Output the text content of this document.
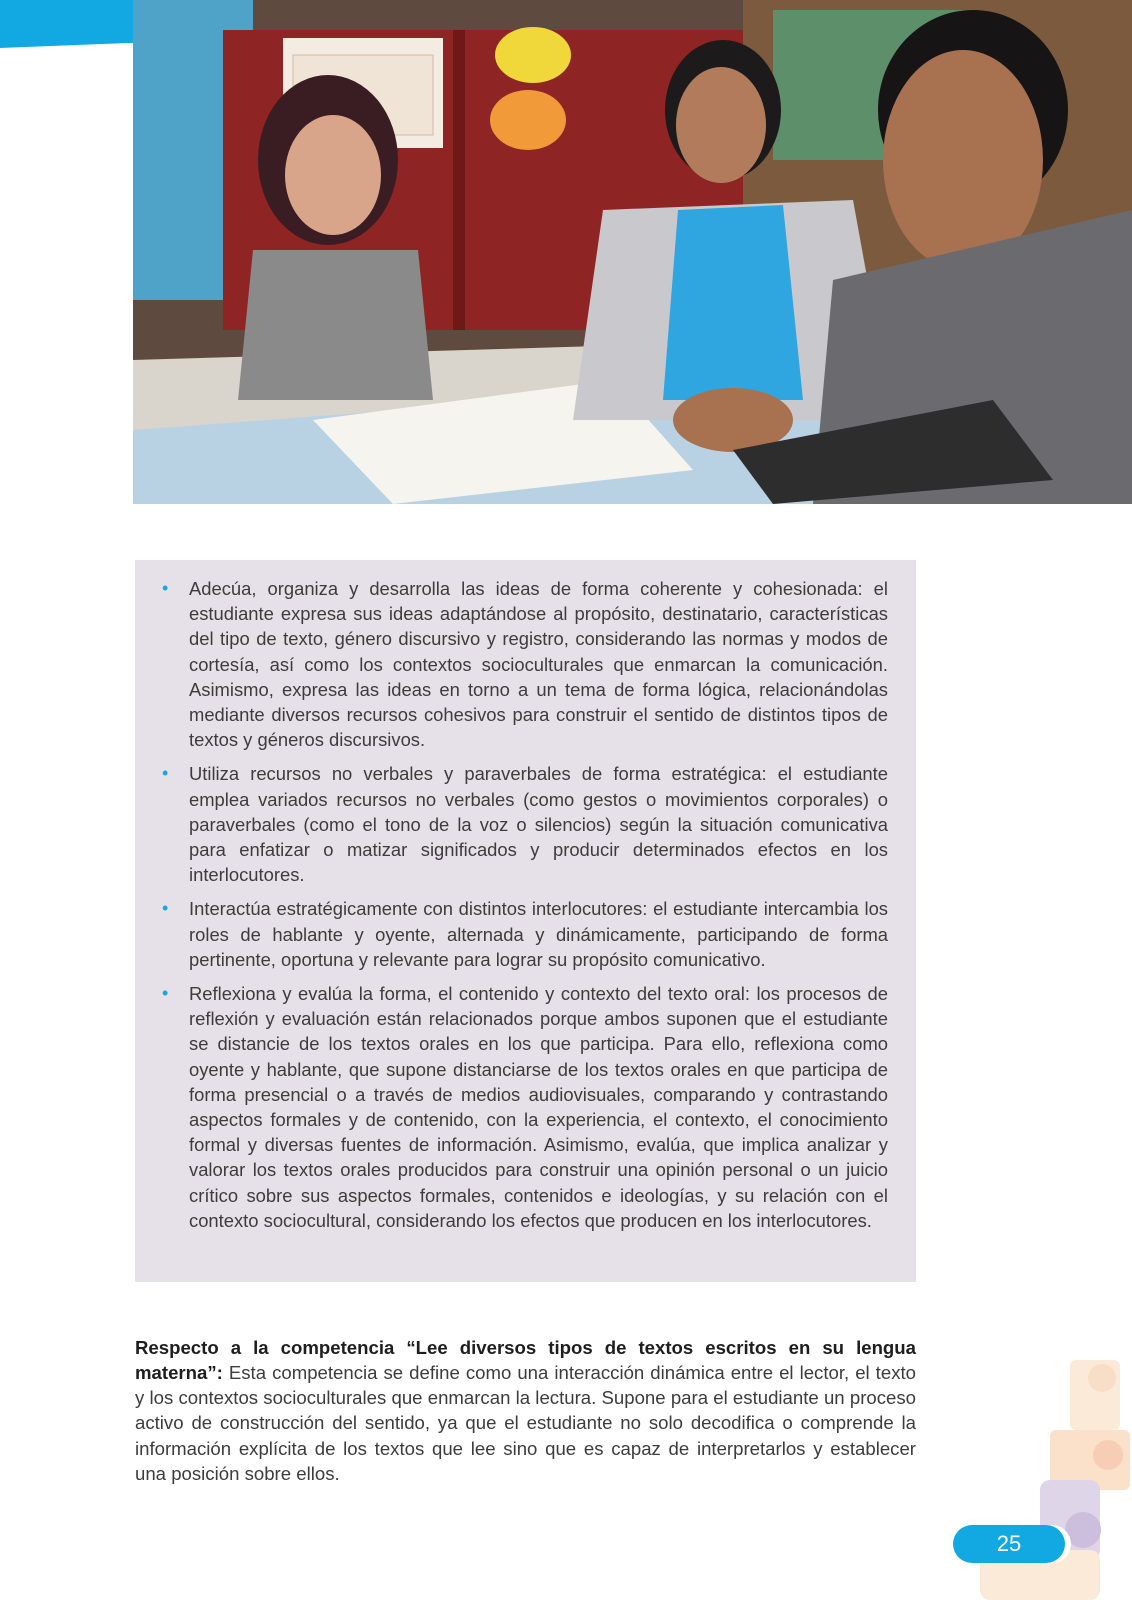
• Adecúa, organiza y desarrolla las ideas de forma coherente y cohesionada: el estudiante expresa sus ideas adaptándose al propósito, destinatario, características del tipo de texto, género discursivo y registro, considerando las normas y modos de cortesía, así como los contextos socioculturales que enmarcan la comunicación. Asimismo, expresa las ideas en torno a un tema de forma lógica, relacionándolas mediante diversos recursos cohesivos para construir el sentido de distintos tipos de textos y géneros discursivos.
• Utiliza recursos no verbales y paraverbales de forma estratégica: el estudiante emplea variados recursos no verbales (como gestos o movimientos corporales) o paraverbales (como el tono de la voz o silencios) según la situación comunicativa para enfatizar o matizar significados y producir determinados efectos en los interlocutores.
• Interactúa estratégicamente con distintos interlocutores: el estudiante intercambia los roles de hablante y oyente, alternada y dinámicamente, participando de forma pertinente, oportuna y relevante para lograr su propósito comunicativo.
• Reflexiona y evalúa la forma, el contenido y contexto del texto oral: los procesos de reflexión y evaluación están relacionados porque ambos suponen que el estudiante se distancie de los textos orales en los que participa. Para ello, reflexiona como oyente y hablante, que supone distanciarse de los textos orales en que participa de forma presencial o a través de medios audiovisuales, comparando y contrastando aspectos formales y de contenido, con la experiencia, el contexto, el conocimiento formal y diversas fuentes de información. Asimismo, evalúa, que implica analizar y valorar los textos orales producidos para construir una opinión personal o un juicio crítico sobre sus aspectos formales, contenidos e ideologías, y su relación con el contexto sociocultural, considerando los efectos que producen en los interlocutores.

Respecto a la competencia “Lee diversos tipos de textos escritos en su lengua materna”: Esta competencia se define como una interacción dinámica entre el lector, el texto y los contextos socioculturales que enmarcan la lectura. Supone para el estudiante un proceso activo de construcción del sentido, ya que el estudiante no solo decodifica o comprende la información explícita de los textos que lee sino que es capaz de interpretarlos y establecer una posición sobre ellos.

25
